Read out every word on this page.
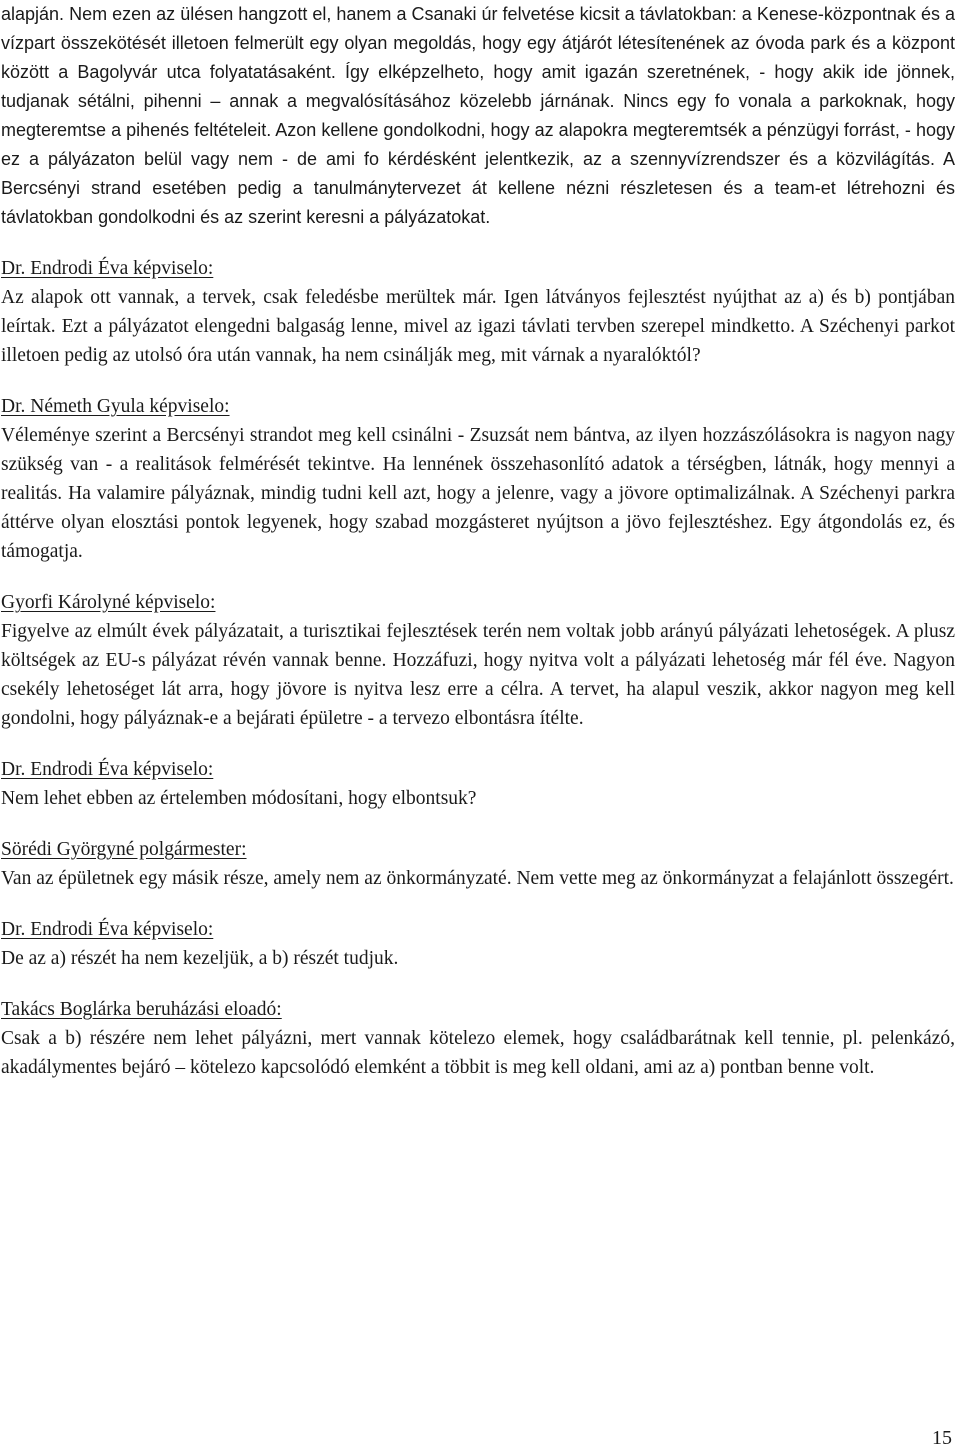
alapján. Nem ezen az ülésen hangzott el, hanem a Csanaki úr felvetése kicsit a távlatokban: a Kenese-központnak és a vízpart összekötését illetoen felmerült egy olyan megoldás, hogy egy átjárót létesítenének az óvoda park és a központ között a Bagolyvár utca folyatatásaként. Így elképzelheto, hogy amit igazán szeretnének, - hogy akik ide jönnek, tudjanak sétálni, pihenni – annak a megvalósításához közelebb járnának. Nincs egy fo vonala a parkoknak, hogy megteremtse a pihenés feltételeit. Azon kellene gondolkodni, hogy az alapokra megteremtsék a pénzügyi forrást, - hogy ez a pályázaton belül vagy nem - de ami fo kérdésként jelentkezik, az a szennyvízrendszer és a közvilágítás. A Bercsényi strand esetében pedig a tanulmánytervezet át kellene nézni részletesen és a team-et létrehozni és távlatokban gondolkodni és az szerint keresni a pályázatokat.

Dr. Endrodi Éva képviselo:

Az alapok ott vannak, a tervek, csak feledésbe merültek már. Igen látványos fejlesztést nyújthat az a) és b) pontjában leírtak. Ezt a pályázatot elengedni balgaság lenne, mivel az igazi távlati tervben szerepel mindketto. A Széchenyi parkot illetoen pedig az utolsó óra után vannak, ha nem csinálják meg, mit várnak a nyaralóktól?

Dr. Németh Gyula képviselo:

Véleménye szerint a Bercsényi strandot meg kell csinálni - Zsuzsát nem bántva, az ilyen hozzászólásokra is nagyon nagy szükség van - a realitások felmérését tekintve. Ha lennének összehasonlító adatok a térségben, látnák, hogy mennyi a realitás. Ha valamire pályáznak, mindig tudni kell azt, hogy a jelenre, vagy a jövore optimalizálnak. A Széchenyi parkra áttérve olyan elosztási pontok legyenek, hogy szabad mozgásteret nyújtson a jövo fejlesztéshez. Egy átgondolás ez, és támogatja.

Gyorfi Károlyné képviselo:

Figyelve az elmúlt évek pályázatait, a turisztikai fejlesztések terén nem voltak jobb arányú pályázati lehetoségek. A plusz költségek az EU-s pályázat révén vannak benne. Hozzáfuzi, hogy nyitva volt a pályázati lehetoség már fél éve. Nagyon csekély lehetoséget lát arra, hogy jövore is nyitva lesz erre a célra. A tervet, ha alapul veszik, akkor nagyon meg kell gondolni, hogy pályáznak-e a bejárati épületre - a tervezo elbontásra ítélte.

Dr. Endrodi Éva képviselo:

Nem lehet ebben az értelemben módosítani, hogy elbontsuk?

Sörédi Györgyné polgármester:

Van az épületnek egy másik része, amely nem az önkormányzaté. Nem vette meg az önkormányzat a felajánlott összegért.

Dr. Endrodi Éva képviselo:

De az a) részét ha nem kezeljük, a b) részét tudjuk.

Takács Boglárka beruházási eloadó:

Csak a b) részére nem lehet pályázni, mert vannak kötelezo elemek, hogy családbarátnak kell tennie, pl. pelenkázó, akadálymentes bejáró – kötelezo kapcsolódó elemként a többit is meg kell oldani, ami az a) pontban benne volt.

15
